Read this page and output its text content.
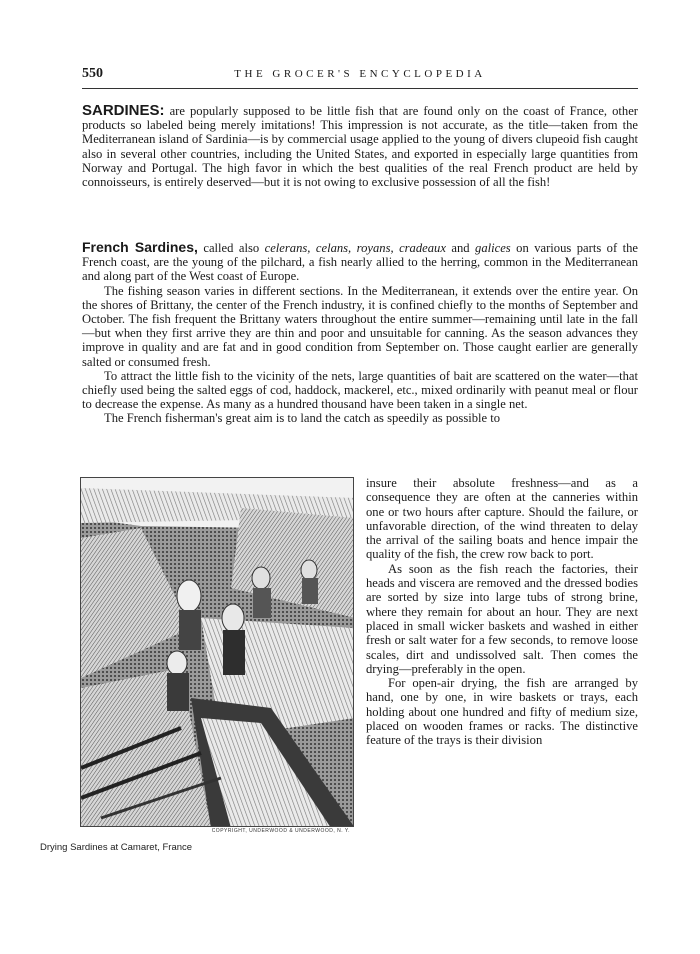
550	THE GROCER'S ENCYCLOPEDIA

SARDINES: are popularly supposed to be little fish that are found only on the coast of France, other products so labeled being merely imitations! This impression is not accurate, as the title—taken from the Mediterranean island of Sardinia—is by commercial usage applied to the young of divers clupeoid fish caught also in several other countries, including the United States, and exported in especially large quantities from Norway and Portugal. The high favor in which the best qualities of the real French product are held by connoisseurs, is entirely deserved—but it is not owing to exclusive possession of all the fish!

French Sardines, called also celerans, celans, royans, cradeaux and galices on various parts of the French coast, are the young of the pilchard, a fish nearly allied to the herring, common in the Mediterranean and along part of the West coast of Europe.

The fishing season varies in different sections. In the Mediterranean, it extends over the entire year. On the shores of Brittany, the center of the French industry, it is confined chiefly to the months of September and October. The fish frequent the Brittany waters throughout the entire summer—remaining until late in the fall—but when they first arrive they are thin and poor and unsuitable for canning. As the season advances they improve in quality and are fat and in good condition from September on. Those caught earlier are generally salted or consumed fresh.

To attract the little fish to the vicinity of the nets, large quantities of bait are scattered on the water—that chiefly used being the salted eggs of cod, haddock, mackerel, etc., mixed ordinarily with peanut meal or flour to decrease the expense. As many as a hundred thousand have been taken in a single net.

The French fisherman's great aim is to land the catch as speedily as possible to

COPYRIGHT, UNDERWOOD & UNDERWOOD, N. Y.
Drying Sardines at Camaret, France

insure their absolute freshness—and as a consequence they are often at the canneries within one or two hours after capture. Should the failure, or unfavorable direction, of the wind threaten to delay the arrival of the sailing boats and hence impair the quality of the fish, the crew row back to port.

As soon as the fish reach the factories, their heads and viscera are removed and the dressed bodies are sorted by size into large tubs of strong brine, where they remain for about an hour. They are next placed in small wicker baskets and washed in either fresh or salt water for a few seconds, to remove loose scales, dirt and undissolved salt. Then comes the drying—preferably in the open.

For open-air drying, the fish are arranged by hand, one by one, in wire baskets or trays, each holding about one hundred and fifty of medium size, placed on wooden frames or racks. The distinctive feature of the trays is their division
